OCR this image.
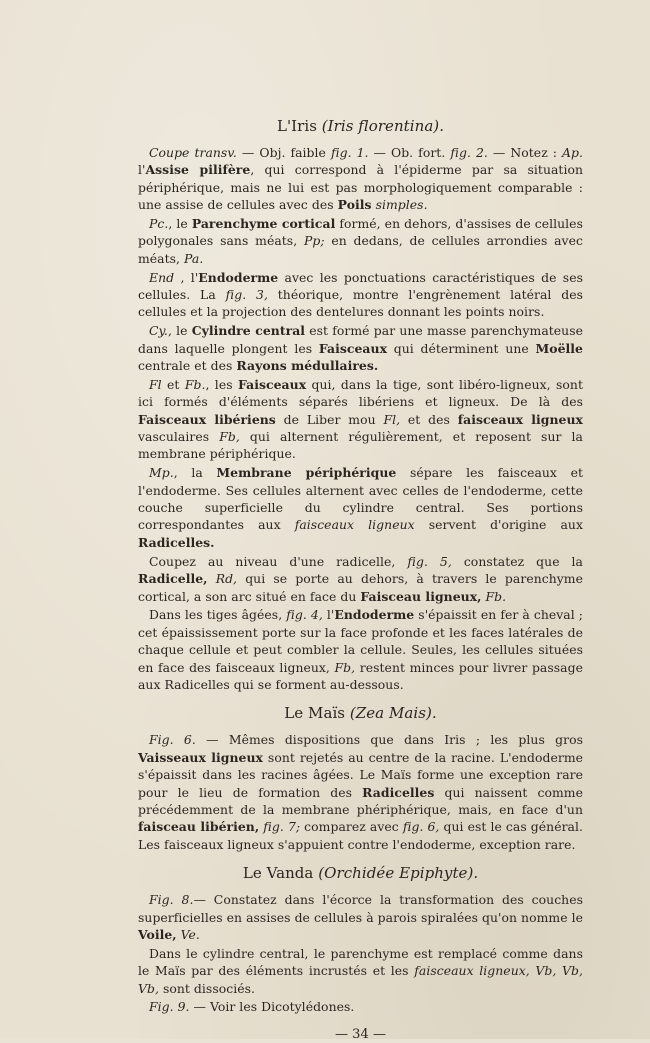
L'Iris (Iris florentina).

Coupe transv. — Obj. faible fig. 1. — Ob. fort. fig. 2. — Notez : Ap. l'Assise pilifère, qui correspond à l'épiderme par sa situation périphérique, mais ne lui est pas morphologiquement comparable : une assise de cellules avec des Poils simples.

Pc., le Parenchyme cortical formé, en dehors, d'assises de cellules polygonales sans méats, Pp; en dedans, de cellules arrondies avec méats, Pa.

End , l'Endoderme avec les ponctuations caractéristiques de ses cellules. La fig. 3, théorique, montre l'engrènement latéral des cellules et la projection des dentelures donnant les points noirs.

Cy., le Cylindre central est formé par une masse parenchymateuse dans laquelle plongent les Faisceaux qui déterminent une Moëlle centrale et des Rayons médullaires.

Fl et Fb., les Faisceaux qui, dans la tige, sont libéro-ligneux, sont ici formés d'éléments séparés libériens et ligneux. De là des Faisceaux libériens de Liber mou Fl, et des faisceaux ligneux vasculaires Fb, qui alternent régulièrement, et reposent sur la membrane périphérique.

Mp., la Membrane périphérique sépare les faisceaux et l'endoderme. Ses cellules alternent avec celles de l'endoderme, cette couche superficielle du cylindre central. Ses portions correspondantes aux faisceaux ligneux servent d'origine aux Radicelles.

Coupez au niveau d'une radicelle, fig. 5, constatez que la Radicelle, Rd, qui se porte au dehors, à travers le parenchyme cortical, a son arc situé en face du Faisceau ligneux, Fb.

Dans les tiges âgées, fig. 4, l'Endoderme s'épaissit en fer à cheval ; cet épaississement porte sur la face profonde et les faces latérales de chaque cellule et peut combler la cellule. Seules, les cellules situées en face des faisceaux ligneux, Fb, restent minces pour livrer passage aux Radicelles qui se forment au-dessous.

Le Maïs (Zea Mais).

Fig. 6. — Mêmes dispositions que dans Iris ; les plus gros Vaisseaux ligneux sont rejetés au centre de la racine. L'endoderme s'épaissit dans les racines âgées. Le Maïs forme une exception rare pour le lieu de formation des Radicelles qui naissent comme précédemment de la membrane phériphérique, mais, en face d'un faisceau libérien, fig. 7; comparez avec fig. 6, qui est le cas général. Les faisceaux ligneux s'appuient contre l'endoderme, exception rare.

Le Vanda (Orchidée Epiphyte).

Fig. 8.— Constatez dans l'écorce la transformation des couches superficielles en assises de cellules à parois spiralées qu'on nomme le Voile, Ve.

Dans le cylindre central, le parenchyme est remplacé comme dans le Maïs par des éléments incrustés et les faisceaux ligneux, Vb, Vb, Vb, sont dissociés.

Fig. 9. — Voir les Dicotylédones.

— 34 —
